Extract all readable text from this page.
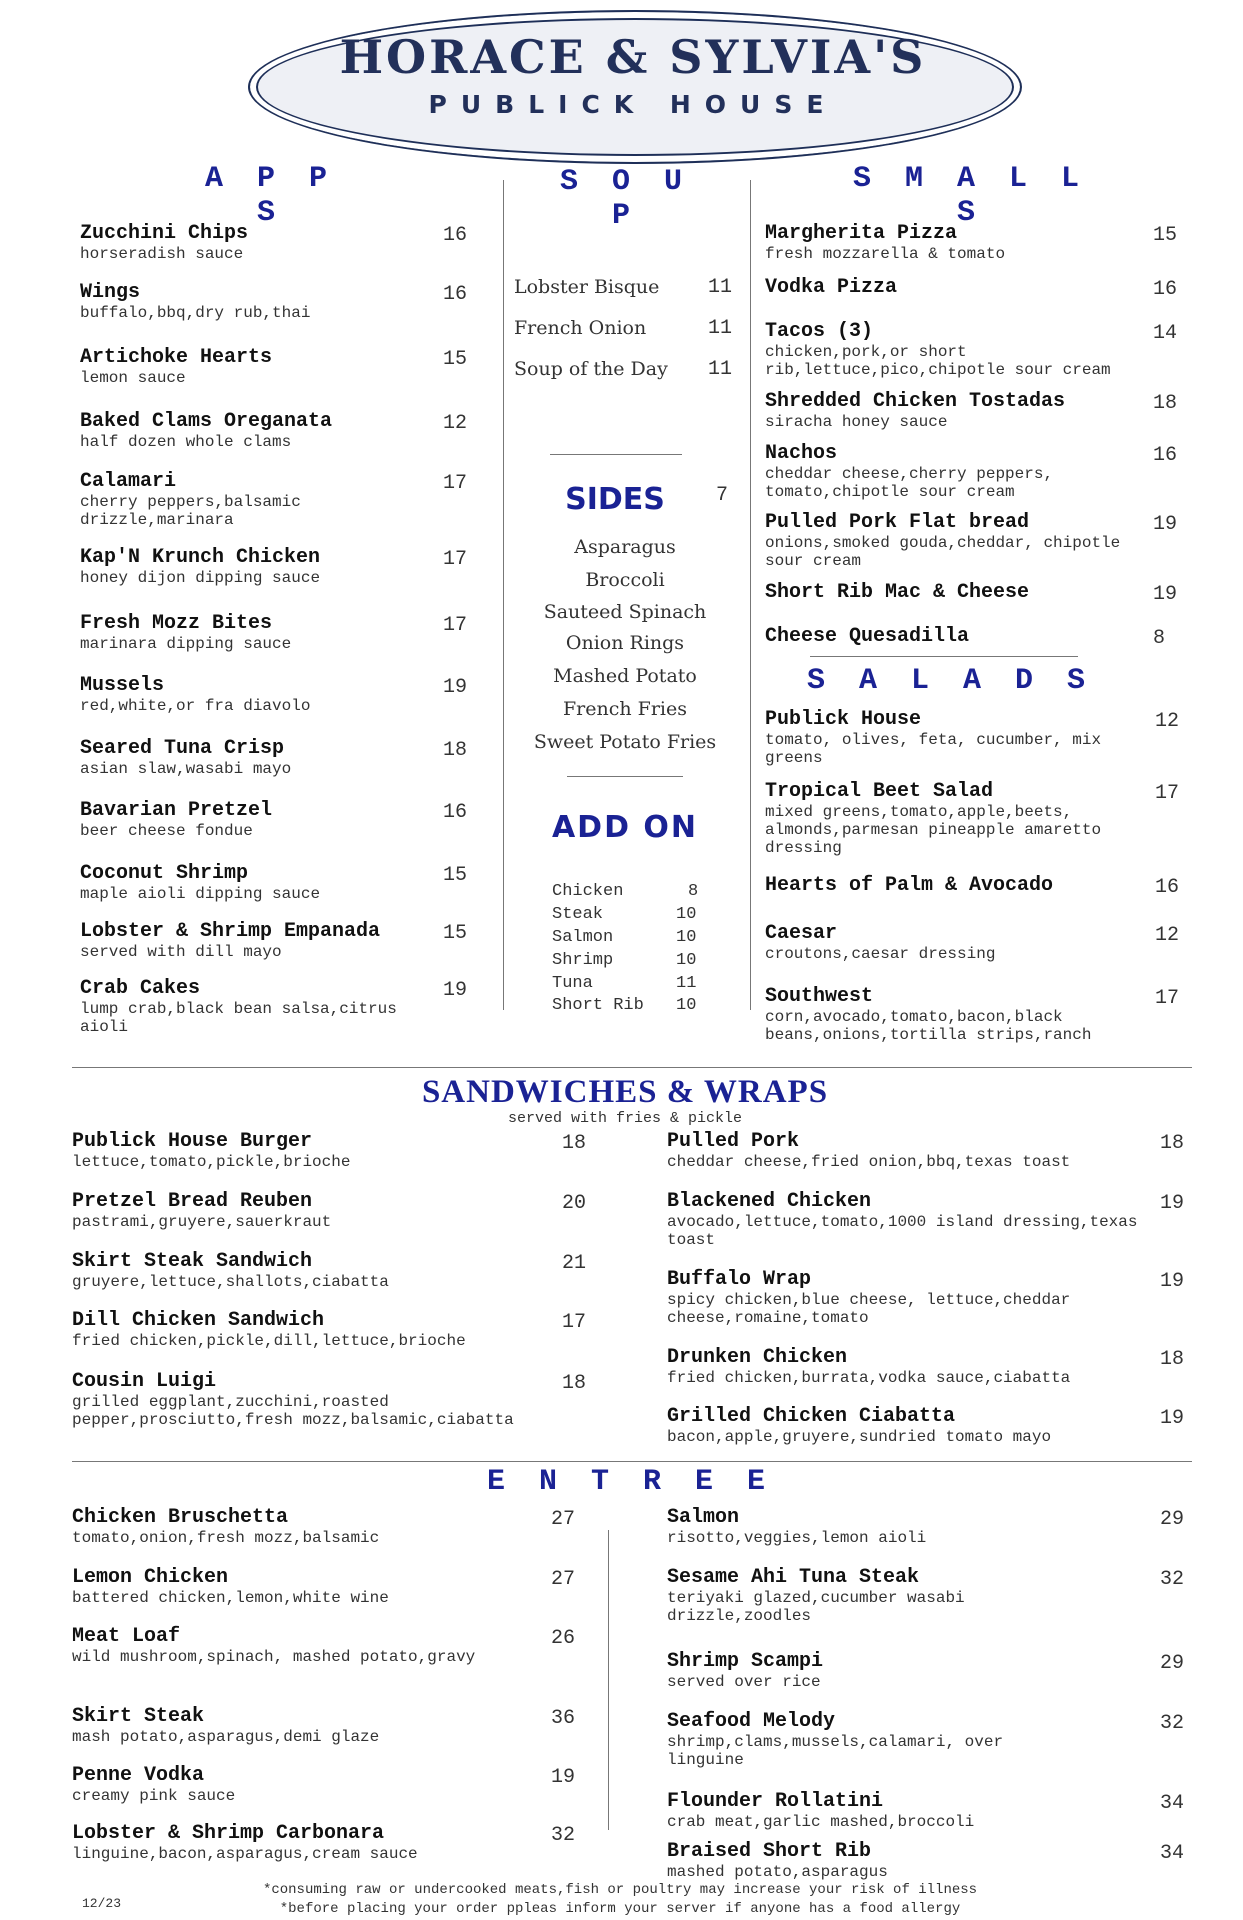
HORACE & SYLVIA'S
PUBLICK HOUSE
A P P S
Zucchini Chips
horseradish sauce
16
Wings
buffalo,bbq,dry rub,thai
16
Artichoke Hearts
lemon sauce
15
Baked Clams Oreganata
half dozen whole clams
12
Calamari
cherry peppers,balsamic drizzle,marinara
17
Kap'N Krunch Chicken
honey dijon dipping sauce
17
Fresh Mozz Bites
marinara dipping sauce
17
Mussels
red,white,or fra diavolo
19
Seared Tuna Crisp
asian slaw,wasabi mayo
18
Bavarian Pretzel
beer cheese fondue
16
Coconut Shrimp
maple aioli dipping sauce
15
Lobster & Shrimp Empanada
served with dill mayo
15
Crab Cakes
lump crab,black bean salsa,citrus aioli
19
S O U P
Lobster Bisque 11
French Onion	11
Soup of the Day 11
SIDES	7
Asparagus
Broccoli
Sauteed Spinach
Onion Rings
Mashed Potato
French Fries
Sweet Potato Fries
ADD ON
Chicken	8
Steak	10
Salmon	10
Shrimp	10
Tuna	11
Short Rib 10
S M A L L S
Margherita Pizza
fresh mozzarella & tomato
15
Vodka Pizza	16
Tacos (3)
chicken,pork,or short rib,lettuce,pico,chipotle sour cream
14
Shredded Chicken Tostadas
siracha honey sauce
18
Nachos
cheddar cheese,cherry peppers, tomato,chipotle sour cream
16
Pulled Pork Flat bread
onions,smoked gouda,cheddar, chipotle sour cream
19
Short Rib Mac & Cheese	19
Cheese Quesadilla	8
S A L A D S
Publick House
tomato, olives, feta, cucumber, mix greens
12
Tropical Beet Salad
mixed greens,tomato,apple,beets, almonds,parmesan pineapple amaretto dressing
17
Hearts of Palm & Avocado	16
Caesar
croutons,caesar dressing
12
Southwest
corn,avocado,tomato,bacon,black beans,onions,tortilla strips,ranch
17
SANDWICHES & WRAPS
served with fries & pickle
Publick House Burger
lettuce,tomato,pickle,brioche
18
Pretzel Bread Reuben
pastrami,gruyere,sauerkraut
20
Skirt Steak Sandwich
gruyere,lettuce,shallots,ciabatta
21
Dill Chicken Sandwich
fried chicken,pickle,dill,lettuce,brioche
17
Cousin Luigi
grilled eggplant,zucchini,roasted pepper,prosciutto,fresh mozz,balsamic,ciabatta
18
Pulled Pork
cheddar cheese,fried onion,bbq,texas toast
18
Blackened Chicken
avocado,lettuce,tomato,1000 island dressing,texas toast
19
Buffalo Wrap
spicy chicken,blue cheese, lettuce,cheddar cheese,romaine,tomato
19
Drunken Chicken
fried chicken,burrata,vodka sauce,ciabatta
18
Grilled Chicken Ciabatta
bacon,apple,gruyere,sundried tomato mayo
19
E N T R E E
Chicken Bruschetta
tomato,onion,fresh mozz,balsamic
27
Lemon Chicken
battered chicken,lemon,white wine
27
Meat Loaf
wild mushroom,spinach, mashed potato,gravy
26
Skirt Steak
mash potato,asparagus,demi glaze
36
Penne Vodka
creamy pink sauce
19
Lobster & Shrimp Carbonara
linguine,bacon,asparagus,cream sauce
32
Salmon
risotto,veggies,lemon aioli
29
Sesame Ahi Tuna Steak
teriyaki glazed,cucumber wasabi drizzle,zoodles
32
Shrimp Scampi
served over rice
29
Seafood Melody
shrimp,clams,mussels,calamari, over linguine
32
Flounder Rollatini
crab meat,garlic mashed,broccoli
34
Braised Short Rib
mashed potato,asparagus
34
12/23
*consuming raw or undercooked meats,fish or poultry may increase your risk of illness
*before placing your order ppleas inform your server if anyone has a food allergy
